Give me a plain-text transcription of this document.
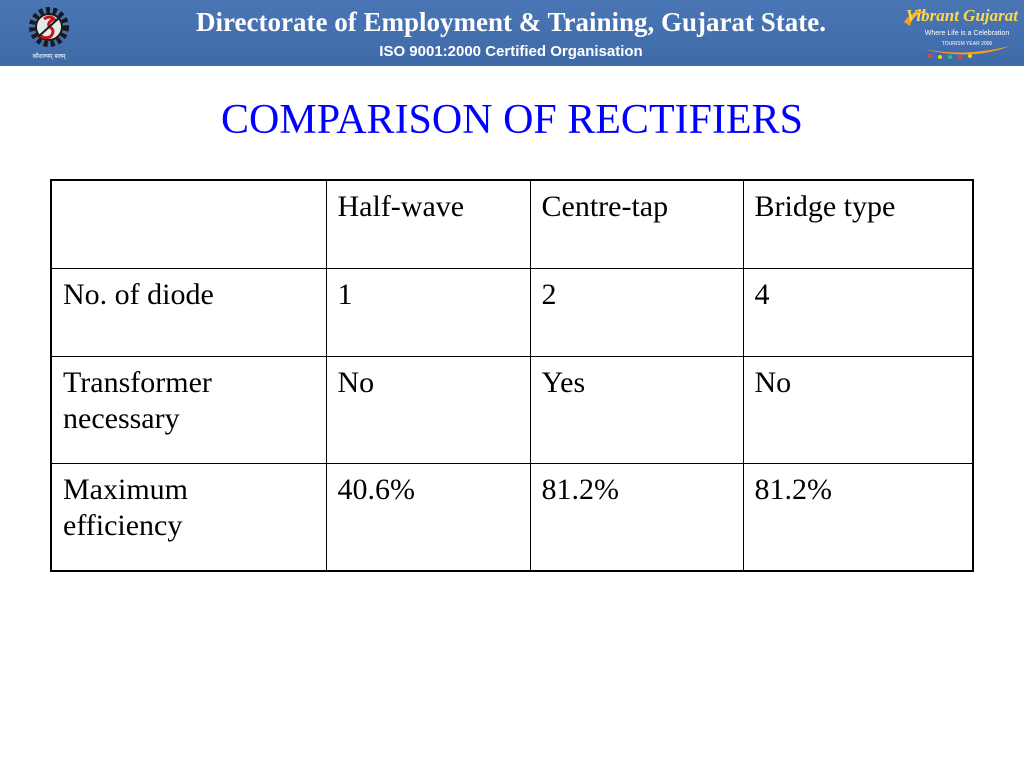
कौशल्यम् बलम्
Directorate of Employment & Training, Gujarat State.
ISO 9001:2000 Certified Organisation
Vibrant Gujarat
Where Life is a Celebration
TOURISM YEAR 2006
COMPARISON OF RECTIFIERS
	Half-wave	Centre-tap	Bridge type
No. of diode	1	2	4
Transformer necessary	No	Yes	No
Maximum efficiency	40.6%	81.2%	81.2%
